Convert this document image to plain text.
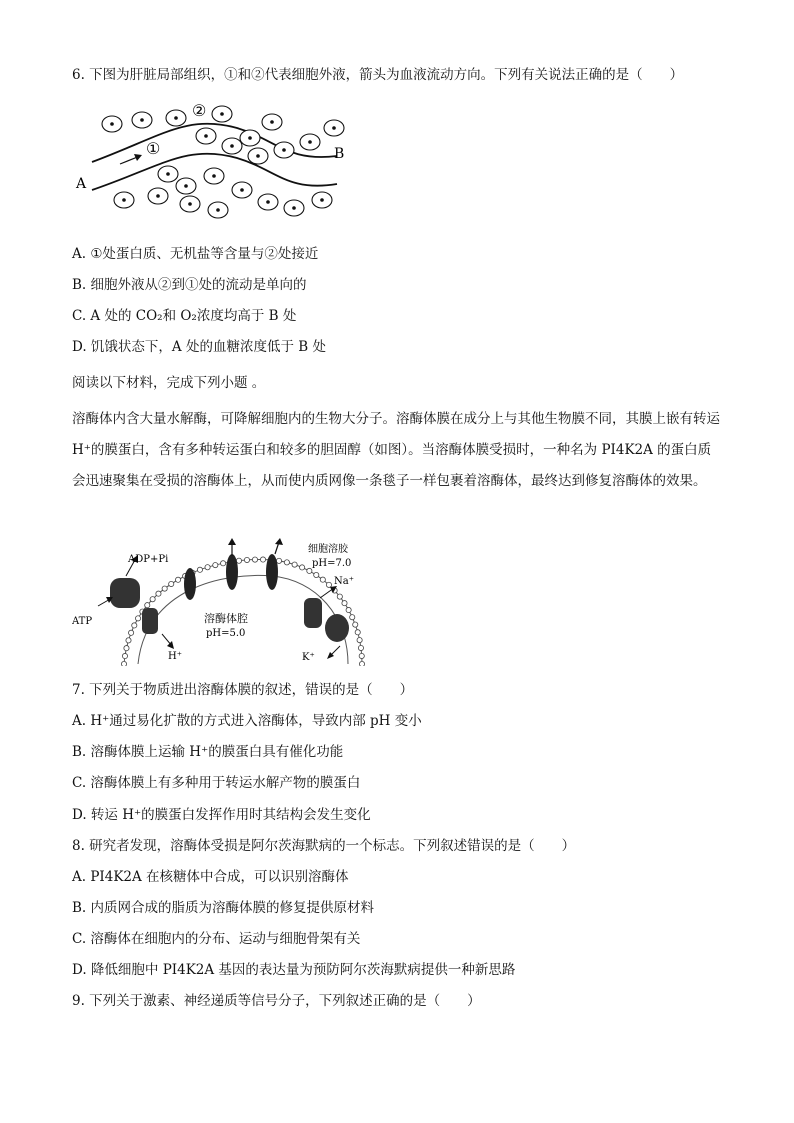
6. 下图为肝脏局部组织，①和②代表细胞外液，箭头为血液流动方向。下列有关说法正确的是（　　）
①
②
A
B
A. ①处蛋白质、无机盐等含量与②处接近
B. 细胞外液从②到①处的流动是单向的
C. A 处的 CO₂和 O₂浓度均高于 B 处
D. 饥饿状态下，A 处的血糖浓度低于 B 处
阅读以下材料，完成下列小题 。
溶酶体内含大量水解酶，可降解细胞内的生物大分子。溶酶体膜在成分上与其他生物膜不同，其膜上嵌有转运 H⁺的膜蛋白，含有多种转运蛋白和较多的胆固醇（如图）。当溶酶体膜受损时，一种名为 PI4K2A 的蛋白质会迅速聚集在受损的溶酶体上，从而使内质网像一条毯子一样包裹着溶酶体，最终达到修复溶酶体的效果。
ADP+Pi
ATP
H⁺
细胞溶胶
pH=7.0
溶酶体腔
pH=5.0
Na⁺
K⁺
7. 下列关于物质进出溶酶体膜的叙述，错误的是（　　）
A. H⁺通过易化扩散的方式进入溶酶体，导致内部 pH 变小
B. 溶酶体膜上运输 H⁺的膜蛋白具有催化功能
C. 溶酶体膜上有多种用于转运水解产物的膜蛋白
D. 转运 H⁺的膜蛋白发挥作用时其结构会发生变化
8. 研究者发现，溶酶体受损是阿尔茨海默病的一个标志。下列叙述错误的是（　　）
A. PI4K2A 在核糖体中合成，可以识别溶酶体
B. 内质网合成的脂质为溶酶体膜的修复提供原材料
C. 溶酶体在细胞内的分布、运动与细胞骨架有关
D. 降低细胞中 PI4K2A 基因的表达量为预防阿尔茨海默病提供一种新思路
9. 下列关于激素、神经递质等信号分子，下列叙述正确的是（　　）
